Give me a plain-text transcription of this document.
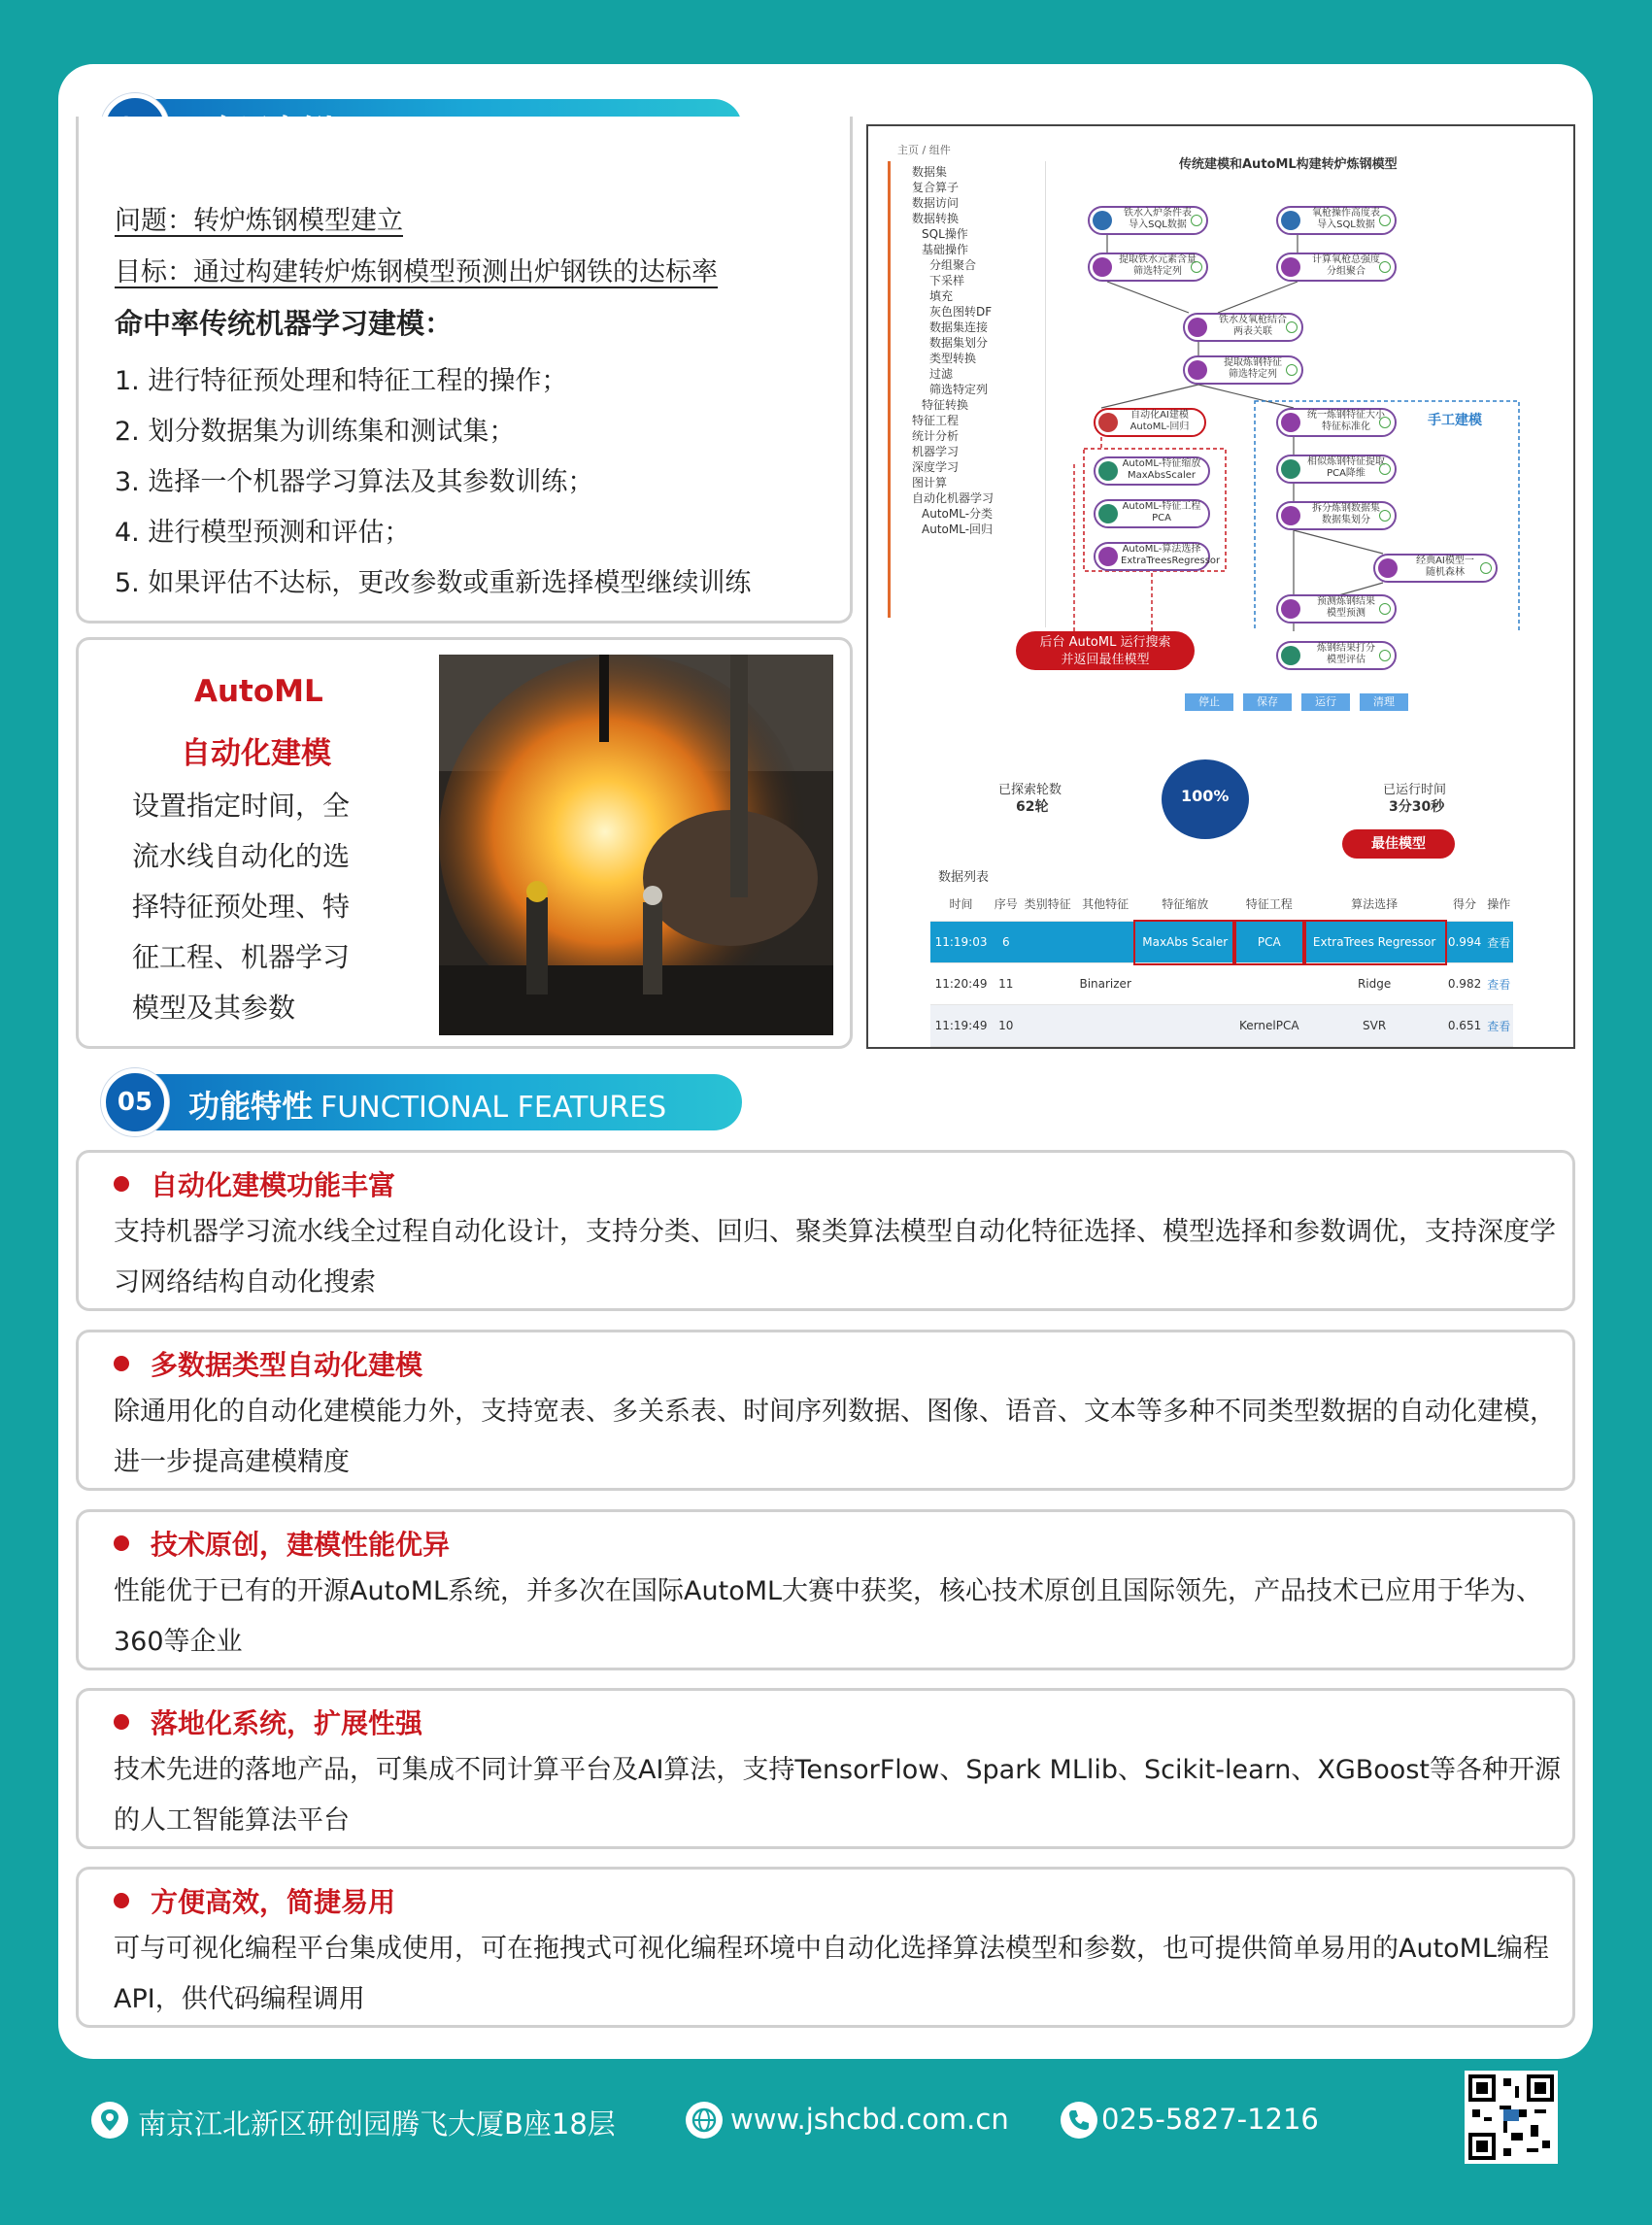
问题：转炉炼钢模型建立
目标：通过构建转炉炼钢模型预测出炉钢铁的达标率
命中率传统机器学习建模：
1. 进行特征预处理和特征工程的操作；
2. 划分数据集为训练集和测试集；
3. 选择一个机器学习算法及其参数训练；
4. 进行模型预测和评估；
5. 如果评估不达标，更改参数或重新选择模型继续训练
AutoML
自动化建模
设置指定时间，全
流水线自动化的选
择特征预处理、特
征工程、机器学习
模型及其参数
主页 / 组件
传统建模和AutoML构建转炉炼钢模型
数据集
复合算子
数据访问
数据转换
SQL操作
基础操作
分组聚合
下采样
填充
灰色图转DF
数据集连接
数据集划分
类型转换
过滤
筛选特定列
特征转换
特征工程
统计分析
机器学习
深度学习
图计算
自动化机器学习
AutoML-分类
AutoML-回归
铁水入炉条件表
导入SQL数据
氧枪操作高度表
导入SQL数据
提取铁水元素含量
筛选特定列
计算氧枪总强度
分组聚合
铁水及氧枪结合
两表关联
提取炼钢特征
筛选特定列
自动化AI建模
AutoML-回归
AutoML-特征缩放
MaxAbsScaler
AutoML-特征工程
PCA
AutoML-算法选择
ExtraTreesRegressor
统一炼钢特征大小
特征标准化
相似炼钢特征提取
PCA降维
拆分炼钢数据集
数据集划分
经典AI模型一
随机森林
预测炼钢结果
模型预测
炼钢结果打分
模型评估
手工建模
后台 AutoML 运行搜索
并返回最佳模型
停止	保存	运行	清理
已探索轮数
62轮
100%	已运行时间
3分30秒
最佳模型
数据列表
时间	序号	类别特征	其他特征	特征缩放	特征工程	算法选择	得分	操作
11:19:03	6			MaxAbs Scaler	PCA	ExtraTrees Regressor	0.994	查看
11:20:49	11		Binarizer			Ridge	0.982	查看
11:19:49	10				KernelPCA	SVR	0.651	查看
05	功能特性 FUNCTIONAL FEATURES
自动化建模功能丰富
支持机器学习流水线全过程自动化设计，支持分类、回归、聚类算法模型自动化特征选择、模型选择和参数调优，支持深度学习网络结构自动化搜索
多数据类型自动化建模
除通用化的自动化建模能力外，支持宽表、多关系表、时间序列数据、图像、语音、文本等多种不同类型数据的自动化建模，进一步提高建模精度
技术原创，建模性能优异
性能优于已有的开源AutoML系统，并多次在国际AutoML大赛中获奖，核心技术原创且国际领先，产品技术已应用于华为、360等企业
落地化系统，扩展性强
技术先进的落地产品，可集成不同计算平台及AI算法，支持TensorFlow、Spark MLlib、Scikit-learn、XGBoost等各种开源的人工智能算法平台
方便高效，简捷易用
可与可视化编程平台集成使用，可在拖拽式可视化编程环境中自动化选择算法模型和参数，也可提供简单易用的AutoML编程API，供代码编程调用
南京江北新区研创园腾飞大厦B座18层	www.jshcbd.com.cn	025-5827-1216
